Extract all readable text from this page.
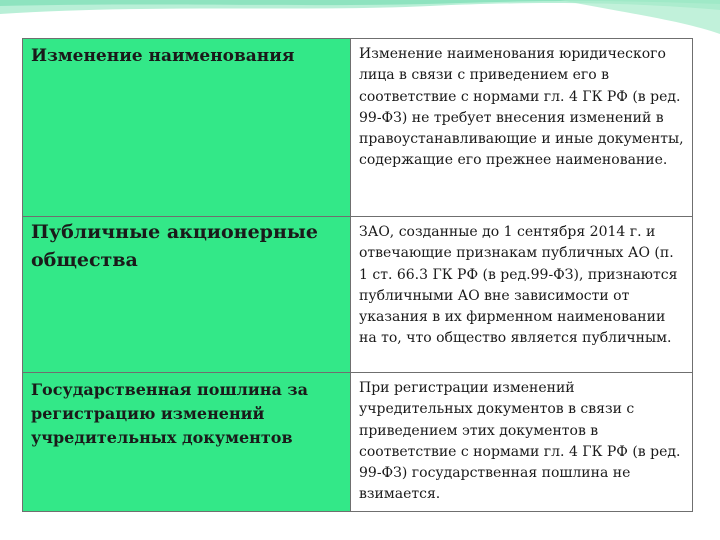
Изменение наименования	Изменение наименования юридического лица в связи с приведением его в соответствие с нормами гл. 4 ГК РФ (в ред. 99-ФЗ) не требует внесения изменений в правоустанавливающие и иные документы, содержащие его прежнее наименование.
Публичные акционерные общества	ЗАО, созданные до 1 сентября 2014 г. и отвечающие признакам публичных АО (п. 1 ст. 66.3 ГК РФ (в ред.99-ФЗ), признаются публичными АО вне зависимости от указания в их фирменном наименовании на то, что общество является публичным.
Государственная пошлина за регистрацию изменений учредительных документов	При регистрации изменений учредительных документов в связи с приведением этих документов в соответствие с нормами гл. 4 ГК РФ (в ред. 99-ФЗ) государственная пошлина не взимается.
